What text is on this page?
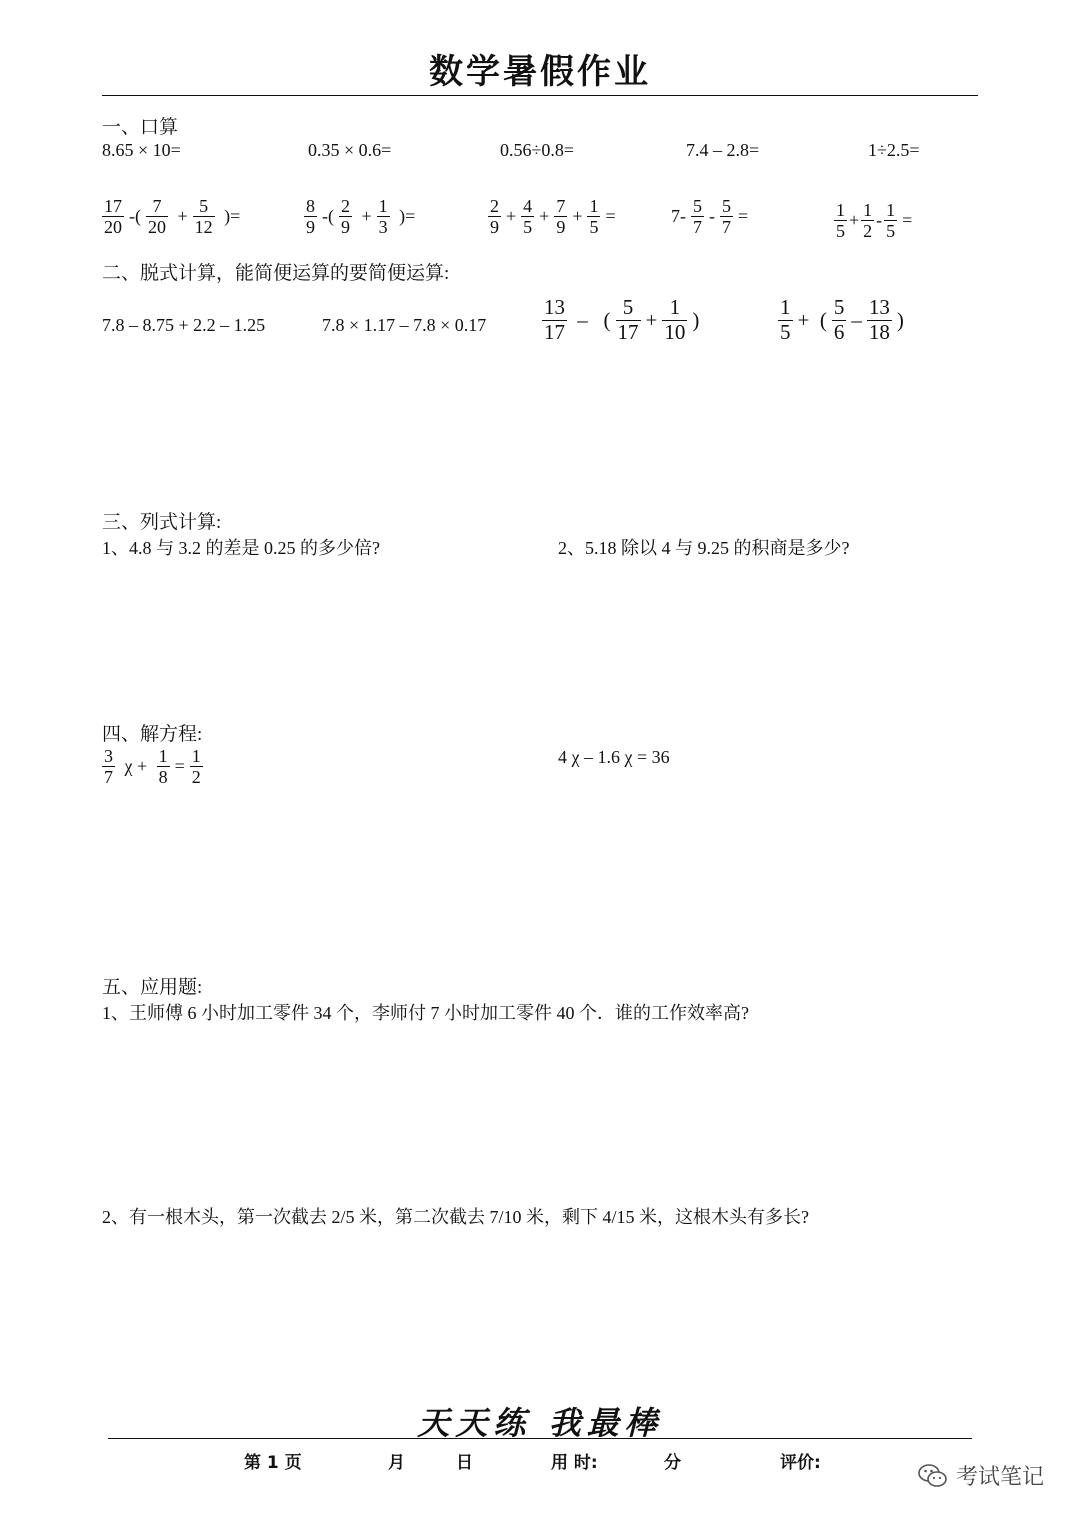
数学暑假作业
一、口算
8.65 × 10=	0.35 × 0.6=	0.56÷0.8=	7.4 – 2.8=	1÷2.5=
$\frac{17}{20}$ -( $\frac{7}{20} + \frac{5}{12}$ )=	$\frac{8}{9}$ -( $\frac{2}{9} + \frac{1}{3}$ )=	$\frac{2}{9} + \frac{4}{5} + \frac{7}{9} + \frac{1}{5}$ =	$7- \frac{5}{7} - \frac{5}{7}$ =	$\frac{1}{5} + \frac{1}{2} - \frac{1}{5}$ =
二、脱式计算，能简便运算的要简便运算:
7.8 – 8.75 + 2.2 – 1.25	7.8 × 1.17 – 7.8 × 0.17	$\frac{13}{17}$ –   ( $\frac{5}{17} + \frac{1}{10}$ )	$\frac{1}{5}$ +  ( $\frac{5}{6} - \frac{13}{18}$ )
三、列式计算:
1、4.8 与 3.2 的差是 0.25 的多少倍?	2、5.18 除以 4 与 9.25 的积商是多少?
四、解方程:
$\frac{3}{7}$ $\chi + \frac{1}{8} = \frac{1}{2}$	4 χ – 1.6 χ = 36
五、应用题:
1、王师傅 6 小时加工零件 34 个，李师付 7 小时加工零件 40 个．谁的工作效率高?
2、有一根木头，第一次截去 2/5 米，第二次截去 7/10 米，剩下 4/15 米，这根木头有多长?
天天练 我最棒
第 1 页	月	日	用 时:	分	评价:
考试笔记
